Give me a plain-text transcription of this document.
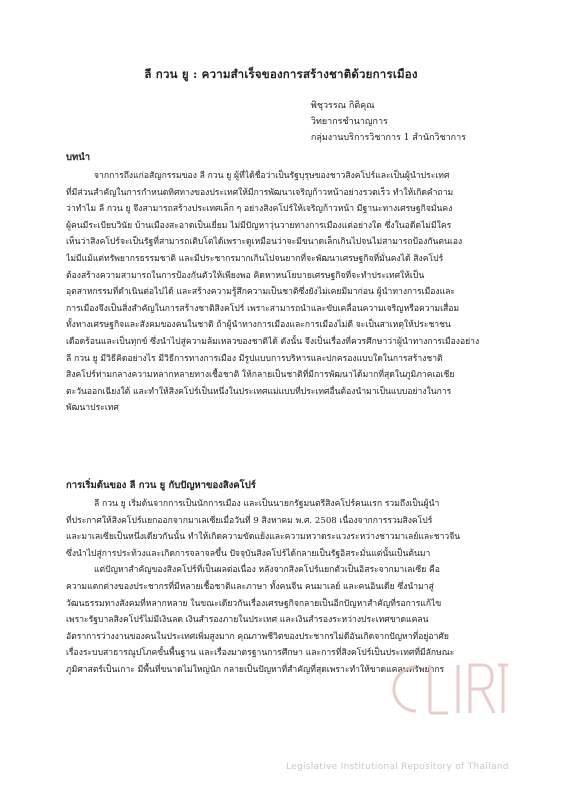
ลี กวน ยู : ความสำเร็จของการสร้างชาติด้วยการเมือง
พิชุวรรณ กิติคุณ
วิทยากรชำนาญการ
กลุ่มงานบริการวิชาการ 1 สำนักวิชาการ
บทนำ
จากการถึงแก่อสัญกรรมของ ลี กวน ยู ผู้ที่ได้ชื่อว่าเป็นรัฐบุรุษของชาวสิงคโปร์และเป็นผู้นำประเทศ
ที่มีส่วนสำคัญในการกำหนดทิศทางของประเทศให้มีการพัฒนาเจริญก้าวหน้าอย่างรวดเร็ว ทำให้เกิดคำถาม
ว่าทำไม ลี กวน ยู จึงสามารถสร้างประเทศเล็ก ๆ อย่างสิงคโปร์ให้เจริญก้าวหน้า มีฐานะทางเศรษฐกิจมั่นคง
ผู้คนมีระเบียบวินัย บ้านเมืองสะอาดเป็นเยี่ยม ไม่มีปัญหาวุ่นวายทางการเมืองแต่อย่างใด ซึ่งในอดีตไม่มีใคร
เห็นว่าสิงคโปร์จะเป็นรัฐที่สามารถเติบโตได้เพราะดูเหมือนว่าจะมีขนาดเล็กเกินไปจนไม่สามารถป้องกันตนเอง
ไม่มีแม้แต่ทรัพยากรธรรมชาติ และมีประชากรมากเกินไปจนยากที่จะพัฒนาเศรษฐกิจที่มั่นคงได้ สิงคโปร์
ต้องสร้างความสามารถในการป้องกันตัวให้เพียงพอ คิดหาหนโยบายเศรษฐกิจที่จะทำประเทศให้เป็น
อุตสาหกรรมที่ดำเนินต่อไปได้ และสร้างความรู้สึกความเป็นชาติซึ่งยังไม่เคยมีมาก่อน ผู้นำทางการเมืองและ
การเมืองจึงเป็นสิ่งสำคัญในการสร้างชาติสิงคโปร์ เพราะสามารถนำและขับเคลื่อนความเจริญหรือความเสื่อม
ทั้งทางเศรษฐกิจและสังคมของคนในชาติ ถ้าผู้นำทางการเมืองและการเมืองไม่ดี จะเป็นสาเหตุให้ประชาชน
เดือดร้อนและเป็นทุกข์ ซึ่งนำไปสู่ความล้มเหลวของชาติได้ ดังนั้น จึงเป็นเรื่องที่ควรศึกษาว่าผู้นำทางการเมืองอย่าง
ลี กวน ยู มีวิธีคิดอย่างไร มีวิธีการทางการเมือง มีรูปแบบการบริหารและปกครองแบบใดในการสร้างชาติ
สิงคโปร์ท่ามกลางความหลากหลายทางเชื้อชาติ ให้กลายเป็นชาติที่มีการพัฒนาได้มากที่สุดในภูมิภาคเอเชีย
ตะวันออกเฉียงใต้ และทำให้สิงคโปร์เป็นหนึ่งในประเทศแม่แบบที่ประเทศอื่นต้องนำมาเป็นแบบอย่างในการ
พัฒนาประเทศ
การเริ่มต้นของ ลี กวน ยู กับปัญหาของสิงคโปร์
ลี กวน ยู เริ่มต้นจากการเป็นนักการเมือง และเป็นนายกรัฐมนตรีสิงคโปร์คนแรก รวมถึงเป็นผู้นำ
ที่ประกาศให้สิงคโปร์แยกออกจากมาเลเซียเมื่อวันที่ 9 สิงหาคม พ.ศ. 2508 เนื่องจากการรวมสิงคโปร์
และมาเลเซียเป็นหนึ่งเดียวกันนั้น ทำให้เกิดความขัดแย้งและความหวาดระแวงระหว่างชาวมาเลย์และชาวจีน
ซึ่งนำไปสู่การประท้วงและเกิดการจลาจลขึ้น ปัจจุบันสิงคโปร์ได้กลายเป็นรัฐอิสระมั่นแต่นั้นเป็นต้นมา
แต่ปัญหาสำคัญของสิงคโปร์ที่เป็นผลต่อเนื่อง หลังจากสิงคโปร์แยกตัวเป็นอิสระจากมาเลเซีย คือ
ความแตกต่างของประชากรที่มีหลายเชื้อชาติและภาษา ทั้งคนจีน คนมาเลย์ และคนอินเดีย ซึ่งนำมาสู่
วัฒนธรรมทางสังคมที่หลากหลาย ในขณะเดียวกันเรื่องเศรษฐกิจกลายเป็นอีกปัญหาสำคัญที่รอการแก้ไข
เพราะรัฐบาลสิงคโปร์ไม่มีเงินลด เงินสำรองภายในประเทศ และเงินสำรองระหว่างประเทศขาดแคลน
อัตราการว่างงานของคนในประเทศเพิ่มสูงมาก คุณภาพชีวิตของประชากรไม่ดีอันเกิดจากปัญหาที่อยู่อาศัย
เรื่องระบบสาธารณูปโภคขั้นพื้นฐาน และเรื่องมาตรฐานการศึกษา และการที่สิงคโปร์เป็นประเทศที่มีลักษณะ
ภูมิศาสตร์เป็นเกาะ มีพื้นที่ขนาดไม่ใหญ่นัก กลายเป็นปัญหาที่สำคัญที่สุดเพราะทำให้ขาดแคลนทรัพยากร
Legislative Institutional Repository of Thailand
